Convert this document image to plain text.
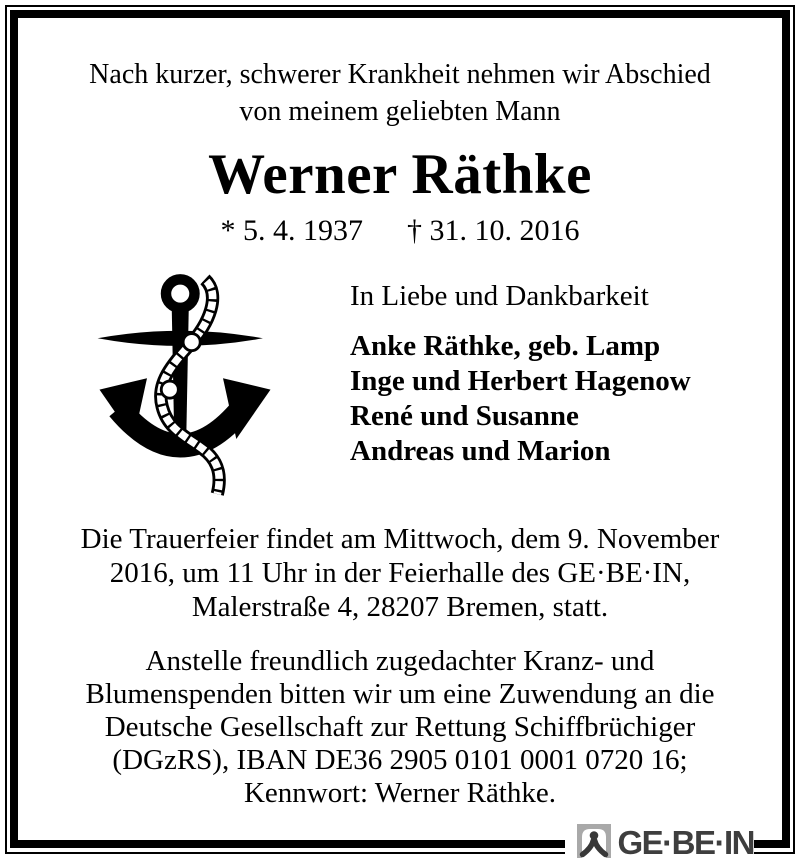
Nach kurzer, schwerer Krankheit nehmen wir Abschied
von meinem geliebten Mann
Werner Räthke
* 5. 4. 1937 † 31. 10. 2016
In Liebe und Dankbarkeit
Anke Räthke, geb. Lamp
Inge und Herbert Hagenow
René und Susanne
Andreas und Marion
Die Trauerfeier findet am Mittwoch, dem 9. November
2016, um 11 Uhr in der Feierhalle des GE·BE·IN,
Malerstraße 4, 28207 Bremen, statt.
Anstelle freundlich zugedachter Kranz- und
Blumenspenden bitten wir um eine Zuwendung an die
Deutsche Gesellschaft zur Rettung Schiffbrüchiger
(DGzRS), IBAN DE36 2905 0101 0001 0720 16;
Kennwort: Werner Räthke.
GE·BE·IN
